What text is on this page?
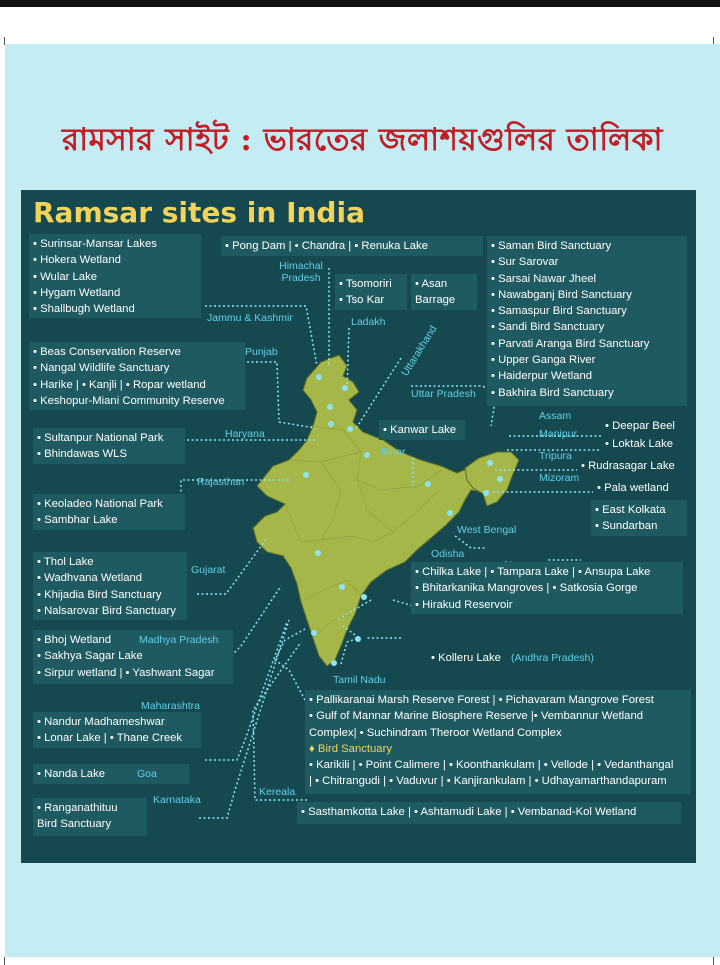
রামসার সাইট : ভারতের জলাশয়গুলির তালিকা
Ramsar sites in India
• Surinsar-Mansar Lakes
• Hokera Wetland
• Wular Lake
• Hygam Wetland
• Shallbugh Wetland
• Pong Dam | • Chandra | • Renuka Lake
Himachal Pradesh
Jammu & Kashmir
• Tsomoriri
• Tso Kar
Ladakh
• Asan
Barrage
Uttarakhand
• Saman Bird Sanctuary
• Sur Sarovar
• Sarsai Nawar Jheel
• Nawabganj Bird Sanctuary
• Samaspur Bird Sanctuary
• Sandi Bird Sanctuary
• Parvati Aranga Bird Sanctuary
• Upper Ganga River
• Haiderpur Wetland
• Bakhira Bird Sanctuary
Uttar Pradesh
• Beas Conservation Reserve
• Nangal Wildlife Sanctuary
• Harike | • Kanjli | • Ropar wetland
• Keshopur-Miani Community Reserve
Punjab
• Sultanpur National Park
• Bhindawas WLS
Haryana	• Kanwar Lake
Bihar
Assam
• Deepar Beel
Manipur
• Loktak Lake
Tripura
• Rudrasagar Lake
Mizoram
• Pala wetland
• East Kolkata
• Sundarban
West Bengal
• Keoladeo National Park
• Sambhar Lake
Rajasthan
• Thol Lake
• Wadhvana Wetland
• Khijadia Bird Sanctuary
• Nalsarovar Bird Sanctuary
Gujarat
Odisha
• Chilka Lake | • Tampara Lake | • Ansupa Lake
• Bhitarkanika Mangroves | • Satkosia Gorge
• Hirakud Reservoir
• Bhoj Wetland
• Sakhya Sagar Lake
• Sirpur wetland | • Yashwant Sagar
Madhya Pradesh
• Kolleru Lake (Andhra Pradesh)
Tamil Nadu
• Pallikaranai Marsh Reserve Forest | • Pichavaram Mangrove Forest
• Gulf of Mannar Marine Biosphere Reserve |• Vembannur Wetland
Complex| • Suchindram Theroor Wetland Complex
♦ Bird Sanctuary
• Karikili | • Point Calimere | • Koonthankulam | • Vellode | • Vedanthangal
| • Chitrangudi | • Vaduvur | • Kanjirankulam | • Udhayamarthandapuram
Maharashtra
• Nandur Madhameshwar
• Lonar Lake | • Thane Creek
• Nanda Lake	Goa
Karnataka
• Ranganathituu
Bird Sanctuary
Kereala
• Sasthamkotta Lake | • Ashtamudi Lake | • Vembanad-Kol Wetland
